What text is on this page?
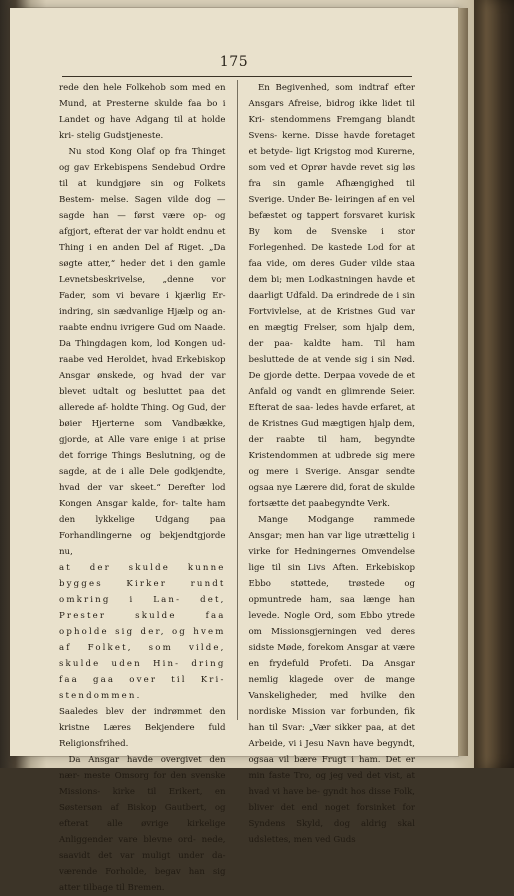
175

rede den hele Folkehob som med en Mund, at Presterne skulde faa bo i Landet og have Adgang til at holde kri- stelig Gudstjeneste.

Nu stod Kong Olaf op fra Thinget og gav Erkebispens Sendebud Ordre til at kundgjøre sin og Folkets Bestem- melse. Sagen vilde dog — sagde han — først være op- og afgjort, efterat der var holdt endnu et Thing i en anden Del af Riget. „Da søgte atter,“ heder det i den gamle Levnetsbeskrivelse, „denne vor Fader, som vi bevare i kjærlig Er- indring, sin sædvanlige Hjælp og an- raabte endnu ivrigere Gud om Naade. Da Thingdagen kom, lod Kongen ud- raabe ved Heroldet, hvad Erkebiskop Ansgar ønskede, og hvad der var blevet udtalt og besluttet paa det allerede af- holdte Thing. Og Gud, der bøier Hjerterne som Vandbække, gjorde, at Alle vare enige i at prise det forrige Things Beslutning, og de sagde, at de i alle Dele godkjendte, hvad der var skeet.“ Derefter lod Kongen Ansgar kalde, for- talte ham den lykkelige Udgang paa Forhandlingerne og bekjendtgjorde nu,

at der skulde kunne bygges Kirker rundt omkring i Lan- det, Prester skulde faa opholde sig der, og hvem af Folket, som vilde, skulde uden Hin- dring faa gaa over til Kri- stendommen.

Saaledes blev der indrømmet den kristne Læres Bekjendere fuld Religionsfrihed.

Da Ansgar havde overgivet den nær- meste Omsorg for den svenske Missions- kirke til Erikert, en Søstersøn af Biskop Gautbert, og efterat alle øvrige kirkelige Anliggender vare blevne ord- nede, saavidt det var muligt under da- værende Forholde, begav han sig atter tilbage til Bremen.

En Begivenhed, som indtraf efter Ansgars Afreise, bidrog ikke lidet til Kri- stendommens Fremgang blandt Svens- kerne. Disse havde foretaget et betyde- ligt Krigstog mod Kurerne, som ved et Oprør havde revet sig løs fra sin gamle Afhængighed til Sverige. Under Be- leiringen af en vel befæstet og tappert forsvaret kurisk By kom de Svenske i stor Forlegenhed. De kastede Lod for at faa vide, om deres Guder vilde staa dem bi; men Lodkastningen havde et daarligt Udfald. Da erindrede de i sin Fortvivlelse, at de Kristnes Gud var en mægtig Frelser, som hjalp dem, der paa- kaldte ham. Til ham besluttede de at vende sig i sin Nød. De gjorde dette. Derpaa vovede de et Anfald og vandt en glimrende Seier. Efterat de saa- ledes havde erfaret, at de Kristnes Gud mægtigen hjalp dem, der raabte til ham, begyndte Kristendommen at udbrede sig mere og mere i Sverige. Ansgar sendte ogsaa nye Lærere did, forat de skulde fortsætte det paabegyndte Verk.

Mange Modgange rammede Ansgar; men han var lige utrættelig i virke for Hedningernes Omvendelse lige til sin Livs Aften. Erkebiskop Ebbo støttede, trøstede og opmuntrede ham, saa længe han levede. Nogle Ord, som Ebbo ytrede om Missionsgjerningen ved deres sidste Møde, forekom Ansgar at være en frydefuld Profeti. Da Ansgar nemlig klagede over de mange Vanskeligheder, med hvilke den nordiske Mission var forbunden, fik han til Svar: „Vær sikker paa, at det Arbeide, vi i Jesu Navn have begyndt, ogsaa vil bære Frugt i ham. Det er min faste Tro, og jeg ved det vist, at hvad vi have be- gyndt hos disse Folk, bliver det end noget forsinket for Syndens Skyld, dog aldrig skal udslettes, men ved Guds
